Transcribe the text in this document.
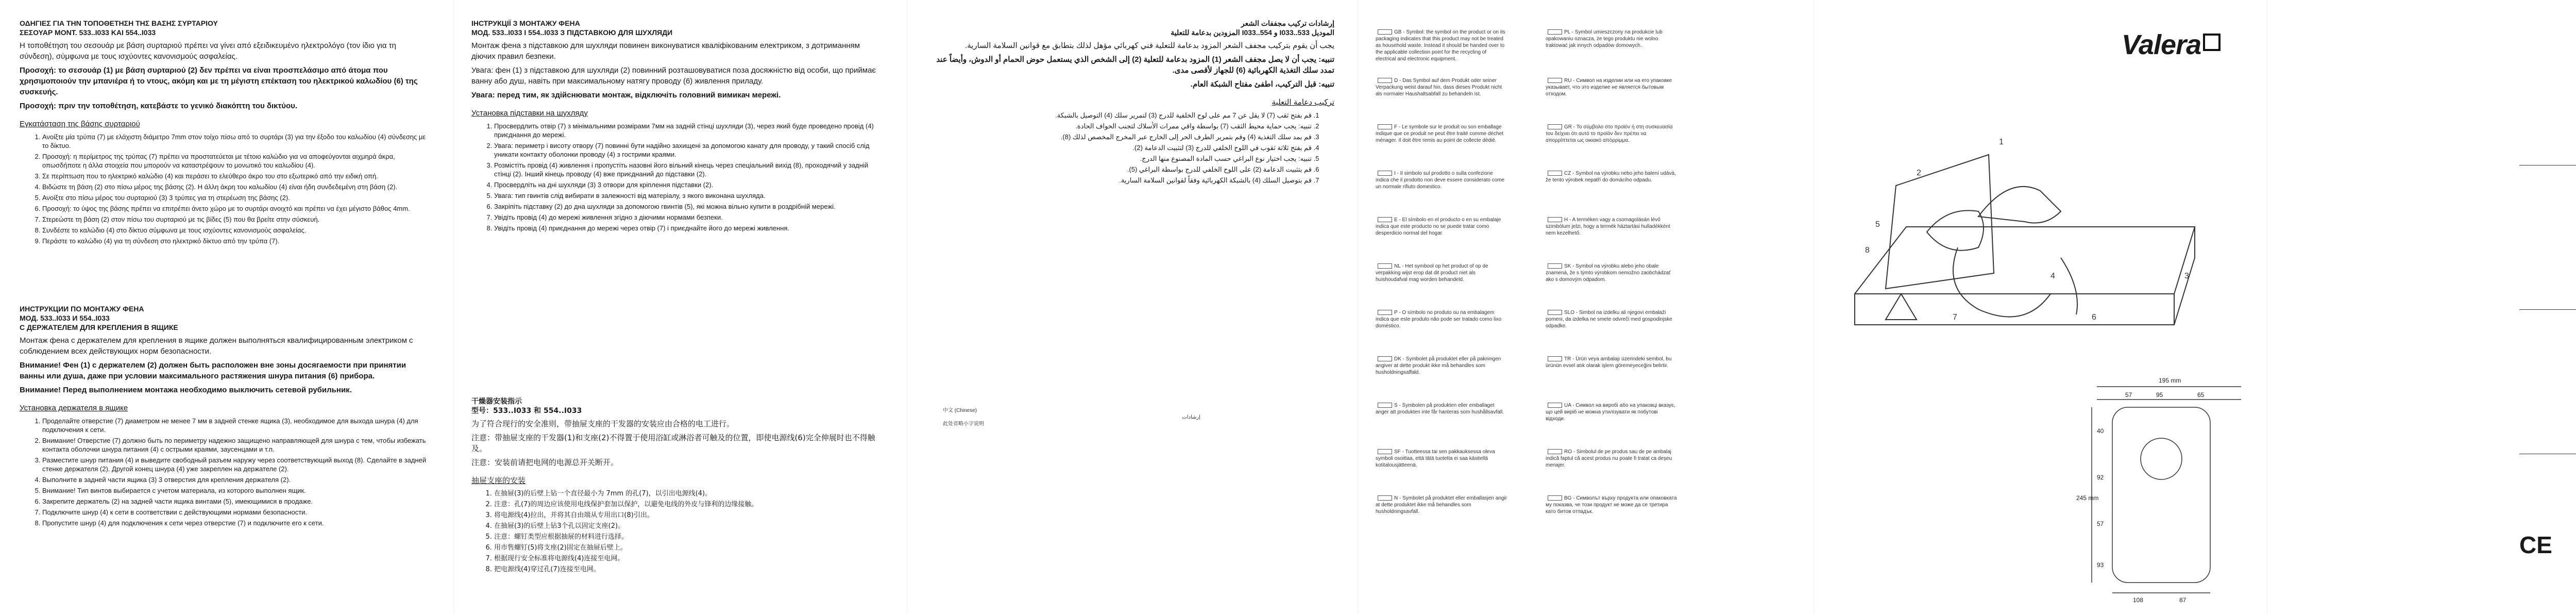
ΟΔΗΓΙΕΣ ΓΙΑ ΤΗΝ ΤΟΠΟΘΕΤΗΣΗ ΤΗΣ ΒΑΣΗΣ ΣΥΡΤΑΡΙΟΥ

ΣΕΣΟΥΑΡ ΜΟΝΤ. 533..Ι033 ΚΑΙ 554..Ι033

Η τοποθέτηση του σεσουάρ με βάση συρταριού πρέπει να γίνει από εξειδικευμένο ηλεκτρολόγο (τον ίδιο για τη σύνδεση), σύμφωνα με τους ισχύοντες κανονισμούς ασφαλείας.

Προσοχή: το σεσουάρ (1) με βάση συρταριού (2) δεν πρέπει να είναι προσπελάσιμο από άτομα που χρησιμοποιούν την μπανιέρα ή το ντους, ακόμη και με τη μέγιστη επέκταση του ηλεκτρικού καλωδίου (6) της συσκευής.

Προσοχή: πριν την τοποθέτηση, κατεβάστε το γενικό διακόπτη του δικτύου.

Εγκατάσταση της βάσης συρταριού

1. Ανοίξτε μία τρύπα (7) με ελάχιστη διάμετρο 7mm στον τοίχο πίσω από το συρτάρι (3) για την έξοδο του καλωδίου (4) σύνδεσης με το δίκτυο.
2. Προσοχή: η περίμετρος της τρύπας (7) πρέπει να προστατεύεται με τέτοιο καλώδιο για να αποφεύγονται αιχμηρά άκρα, οπωσδήποτε η άλλα στοιχεία που μπορούν να καταστρέψουν το μονωτικό του καλωδίου (4).
3. Σε περίπτωση που το ηλεκτρικό καλώδιο (4) και περάσει το ελεύθερο άκρο του στο εξωτερικό από την ειδική οπή.
4. Βιδώστε τη βάση (2) στο πίσω μέρος της βάσης (2). Η άλλη άκρη του καλωδίου (4) είναι ήδη συνδεδεμένη στη βάση (2).
5. Ανοίξτε στο πίσω μέρος του συρταριού (3) 3 τρύπες για τη στερέωση της βάσης (2).
6. Προσοχή: το ύψος της βάσης πρέπει να επιτρέπει άνετο χώρο με το συρτάρι ανοιχτό και πρέπει να έχει μέγιστο βάθος 4mm.
7. Στερεώστε τη βάση (2) στον πίσω του συρταριού με τις βίδες (5) που θα βρείτε στην σύσκευή.
8. Συνδέστε το καλώδιο (4) στο δίκτυο σύμφωνα με τους ισχύοντες κανονισμούς ασφαλείας.
9. Περάστε το καλώδιο (4) για τη σύνδεση στο ηλεκτρικό δίκτυο από την τρύπα (7).

ИНСТРУКЦИИ ПО МОНТАЖУ ФЕНА

МОД. 533..І033 И 554..І033

С ДЕРЖАТЕЛЕМ ДЛЯ КРЕПЛЕНИЯ В ЯЩИКЕ

Монтаж фена с держателем для крепления в ящике должен выполняться квалифицированным электриком с соблюдением всех действующих норм безопасности.

Внимание! Фен (1) с держателем (2) должен быть расположен вне зоны досягаемости при принятии ванны или душа, даже при условии максимального растяжения шнура питания (6) прибора.

Внимание! Перед выполнением монтажа необходимо выключить сетевой рубильник.

Установка держателя в ящике

1. Проделайте отверстие (7) диаметром не менее 7 мм в задней стенке ящика (3), необходимое для выхода шнура (4) для подключения к сети.
2. Внимание! Отверстие (7) должно быть по периметру надежно защищено направляющей для шнура с тем, чтобы избежать контакта оболочки шнура питания (4) с острыми краями, заусенцами и т.п.
3. Разместите шнур питания (4) и выведите свободный разъем наружу через соответствующий выход (8). Сделайте в задней стенке держателя (2). Другой конец шнура (4) уже закреплен на держателе (2).
4. Выполните в задней части ящика (3) 3 отверстия для крепления держателя (2).
5. Внимание! Тип винтов выбирается с учетом материала, из которого выполнен ящик.
6. Закрепите держатель (2) на задней части ящика винтами (5), имеющимися в продаже.
7. Подключите шнур (4) к сети в соответствии с действующими нормами безопасности.
8. Пропустите шнур (4) для подключения к сети через отверстие (7) и подключите его к сети.

ІНСТРУКЦІЇ З МОНТАЖУ ФЕНА

МОД. 533..І033 І 554..І033 З ПІДСТАВКОЮ ДЛЯ ШУХЛЯДИ

Монтаж фена з підставкою для шухляди повинен виконуватися кваліфікованим електриком, з дотриманням діючих правил безпеки.

Увага: фен (1) з підставкою для шухляди (2) повинний розташовуватися поза досяжністю від особи, що приймає ванну або душ, навіть при максимальному натягу проводу (6) живлення приладу.

Увага: перед тим, як здійснювати монтаж, відключіть головний вимикач мережі.

Установка підставки на шухляду

1. Просвердлить отвір (7) з мінімальними розмірами 7мм на задній стінці шухляди (3), через який буде проведено провід (4) приєднання до мережі.
2. Увага: периметр і висоту отвору (7) повинні бути надійно захищені за допомогою канату для проводу, у такий спосіб слід уникати контакту оболонки проводу (4) з гострими краями.
3. Розмістіть провід (4) живлення і пропустіть назовні його вільний кінець через спеціальний вихід (8), проходячий у задній стінці (2). Інший кінець проводу (4) вже приєднаний до підставки (2).
4. Просвердліть на дні шухляди (3) 3 отвори для кріплення підставки (2).
5. Увага: тип гвинтів слід вибирати в залежності від матеріалу, з якого виконана шухляда.
6. Закріпіть підставку (2) до дна шухляди за допомогою гвинтів (5), які можна вільно купити в роздрібній мережі.
7. Увідіть провід (4) до мережі живлення згідно з діючими нормами безпеки.
8. Увідіть провід (4) приєднання до мережі через отвір (7) і приєднайте його до мережі живлення.

干燥器安装指示

型号：533..I033 和 554..I033

为了符合现行的安全准则，带抽屉支座的干发器的安装应由合格的电工进行。

注意：带抽屉支座的干发器(1)和支座(2)不得置于使用浴缸或淋浴者可触及的位置，即使电源线(6)完全伸展时也不得触及。

注意：安装前请把电网的电源总开关断开。

抽屉支座的安装

1. 在抽屉(3)的后壁上钻一个直径最小为 7mm 的孔(7)，以引出电源线(4)。
2. 注意：孔(7)的周边应该使用电线保护套加以保护，以避免电线的外皮与锋利的边缘接触。
3. 将电源线(4)拉出，并将其自由端从专用出口(8)引出。
4. 在抽屉(3)的后壁上钻3个孔以固定支座(2)。
5. 注意：螺钉类型应根据抽屉的材料进行选择。
6. 用市售螺钉(5)将支座(2)固定在抽屉后壁上。
7. 根据现行安全标准将电源线(4)连接至电网。
8. 把电源线(4)穿过孔(7)连接至电网。
中文 (Chinese)
إرشادات
此处省略小字说明

إرشادات تركيب مجففات الشعر

الموديل 533..I033 و 554..I033 المزودين بدعامة للتعلية

يجب أن يقوم بتركيب مجفف الشعر المزود بدعامة للتعلية فني كهربائي مؤهل لذلك بتطابق مع قوانين السلامة السارية.

تنبيه: يجب أن لا يصل مجفف الشعر (1) المزود بدعامة للتعلية (2) إلى الشخص الذي يستعمل حوض الحمام أو الدوش، وأيضاً عند تمدد سلك التغذية الكهربائية (6) للجهاز لأقصى مدى.

تنبيه: قبل التركيب، اطفئ مفتاح الشبكة العام.

تركيب دعامة التعلية

1. قم بفتح ثقب (7) لا يقل عن 7 مم على لوح الخلفية للدرج (3) لتمرير سلك (4) التوصيل بالشبكة.
2. تنبيه: يجب حماية محيط الثقب (7) بواسطة واقي ممرات الأسلاك لتجنب الحواف الحادة.
3. قم بمد سلك التغذية (4) وقم بتمرير الطرف الحر إلى الخارج عبر المخرج المخصص لذلك (8).
4. قم بفتح ثلاثة ثقوب في اللوح الخلفي للدرج (3) لتثبيت الدعامة (2).
5. تنبيه: يجب اختيار نوع البراغي حسب المادة المصنوع منها الدرج.
6. قم بتثبيت الدعامة (2) على اللوح الخلفي للدرج بواسطة البراغي (5).
7. قم بتوصيل السلك (4) بالشبكة الكهربائية وفقاً لقوانين السلامة السارية.
GB - Symbol: the symbol on the product or on its packaging indicates that this product may not be treated as household waste. Instead it should be handed over to the applicable collection point for the recycling of electrical and electronic equipment.
D - Das Symbol auf dem Produkt oder seiner Verpackung weist darauf hin, dass dieses Produkt nicht als normaler Haushaltsabfall zu behandeln ist.
F - Le symbole sur le produit ou son emballage indique que ce produit ne peut être traité comme déchet ménager. Il doit être remis au point de collecte dédié.
I - Il simbolo sul prodotto o sulla confezione indica che il prodotto non deve essere considerato come un normale rifiuto domestico.
E - El símbolo en el producto o en su embalaje indica que este producto no se puede tratar como desperdicio normal del hogar.
NL - Het symbool op het product of op de verpakking wijst erop dat dit product niet als huishoudafval mag worden behandeld.
P - O símbolo no produto ou na embalagem indica que este produto não pode ser tratado como lixo doméstico.
DK - Symbolet på produktet eller på pakningen angiver at dette produkt ikke må behandles som husholdningsaffald.
S - Symbolen på produkten eller emballaget anger att produkten inte får hanteras som hushållsavfall.
SF - Tuotteessa tai sen pakkauksessa oleva symboli osoittaa, että tätä tuotetta ei saa käsitellä kotitalousjätteenä.
N - Symbolet på produktet eller emballasjen angir at dette produktet ikke må behandles som husholdningsavfall.
PL - Symbol umieszczony na produkcie lub opakowaniu oznacza, że tego produktu nie wolno traktować jak innych odpadów domowych.
RU - Символ на изделии или на его упаковке указывает, что это изделие не является бытовым отходом.
GR - Το σύμβολο στο προϊόν ή στη συσκευασία του δείχνει ότι αυτό το προϊόν δεν πρέπει να απορρίπτεται ως οικιακό απόρριμμα.
CZ - Symbol na výrobku nebo jeho balení udává, že tento výrobek nepatří do domácího odpadu.
H - A terméken vagy a csomagolásán lévő szimbólum jelzi, hogy a termék háztartási hulladékként nem kezelhető.
SK - Symbol na výrobku alebo jeho obale znamená, že s týmto výrobkom nemožno zaobchádzať ako s domovým odpadom.
SLO - Simbol na izdelku ali njegovi embalaži pomeni, da izdelka ne smete odvreči med gospodinjske odpadke.
TR - Ürün veya ambalajı üzerindeki sembol, bu ürünün evsel atık olarak işlem göremeyeceğini belirtir.
UA - Символ на виробі або на упаковці вказує, що цей виріб не можна утилізувати як побутові відходи.
RO - Simbolul de pe produs sau de pe ambalaj indică faptul că acest produs nu poate fi tratat ca deșeu menajer.
BG - Символът върху продукта или опаковката му показва, че този продукт не може да се третира като битов отпадък.
Valera
1
2
3
4
5
6
7
8
195 mm
57	95	65
245 mm
40
92
57
93
108	87
CE
